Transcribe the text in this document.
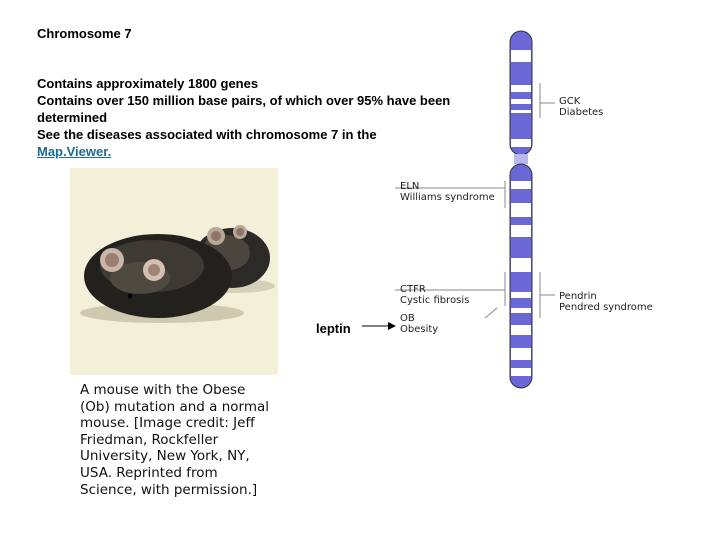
Chromosome 7
Contains approximately 1800 genes
Contains over 150 million base pairs, of which over 95% have been determined
See the diseases associated with chromosome 7 in the
Map.Viewer.
A mouse with the Obese (Ob) mutation and a normal mouse. [Image credit: Jeff Friedman, Rockfeller University, New York, NY, USA. Reprinted from Science, with permission.]
GCK
Diabetes
ELN
Williams syndrome
CTFR
Cystic fibrosis
OB
Obesity
Pendrin
Pendred syndrome
leptin
